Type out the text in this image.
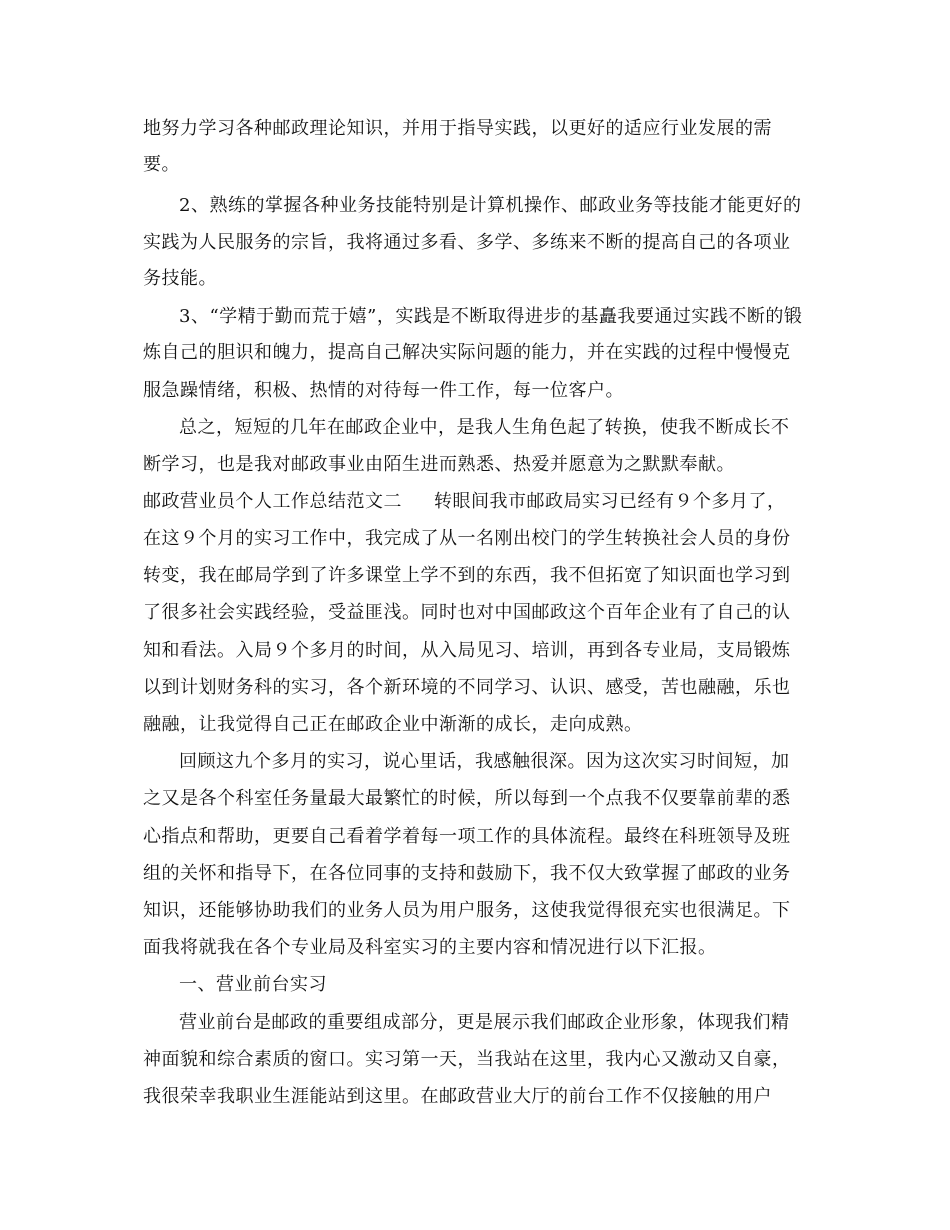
地努力学习各种邮政理论知识，并用于指导实践，以更好的适应行业发展的需
要。
2、熟练的掌握各种业务技能特别是计算机操作、邮政业务等技能才能更好的
实践为人民服务的宗旨，我将通过多看、多学、多练来不断的提高自己的各项业
务技能。
3、“学精于勤而荒于嬉”，实践是不断取得进步的基矗我要通过实践不断的锻
炼自己的胆识和魄力，提高自己解决实际问题的能力，并在实践的过程中慢慢克
服急躁情绪，积极、热情的对待每一件工作，每一位客户。
总之，短短的几年在邮政企业中，是我人生角色起了转换，使我不断成长不
断学习，也是我对邮政事业由陌生进而熟悉、热爱并愿意为之默默奉献。
邮政营业员个人工作总结范文二 转眼间我市邮政局实习已经有９个多月了，
在这９个月的实习工作中，我完成了从一名刚出校门的学生转换社会人员的身份
转变，我在邮局学到了许多课堂上学不到的东西，我不但拓宽了知识面也学习到
了很多社会实践经验，受益匪浅。同时也对中国邮政这个百年企业有了自己的认
知和看法。入局９个多月的时间，从入局见习、培训，再到各专业局，支局锻炼
以到计划财务科的实习，各个新环境的不同学习、认识、感受，苦也融融，乐也
融融，让我觉得自己正在邮政企业中渐渐的成长，走向成熟。
回顾这九个多月的实习，说心里话，我感触很深。因为这次实习时间短，加
之又是各个科室任务量最大最繁忙的时候，所以每到一个点我不仅要靠前辈的悉
心指点和帮助，更要自己看着学着每一项工作的具体流程。最终在科班领导及班
组的关怀和指导下，在各位同事的支持和鼓励下，我不仅大致掌握了邮政的业务
知识，还能够协助我们的业务人员为用户服务，这使我觉得很充实也很满足。下
面我将就我在各个专业局及科室实习的主要内容和情况进行以下汇报。
一、营业前台实习
营业前台是邮政的重要组成部分，更是展示我们邮政企业形象，体现我们精
神面貌和综合素质的窗口。实习第一天，当我站在这里，我内心又激动又自豪，
我很荣幸我职业生涯能站到这里。在邮政营业大厅的前台工作不仅接触的用户
